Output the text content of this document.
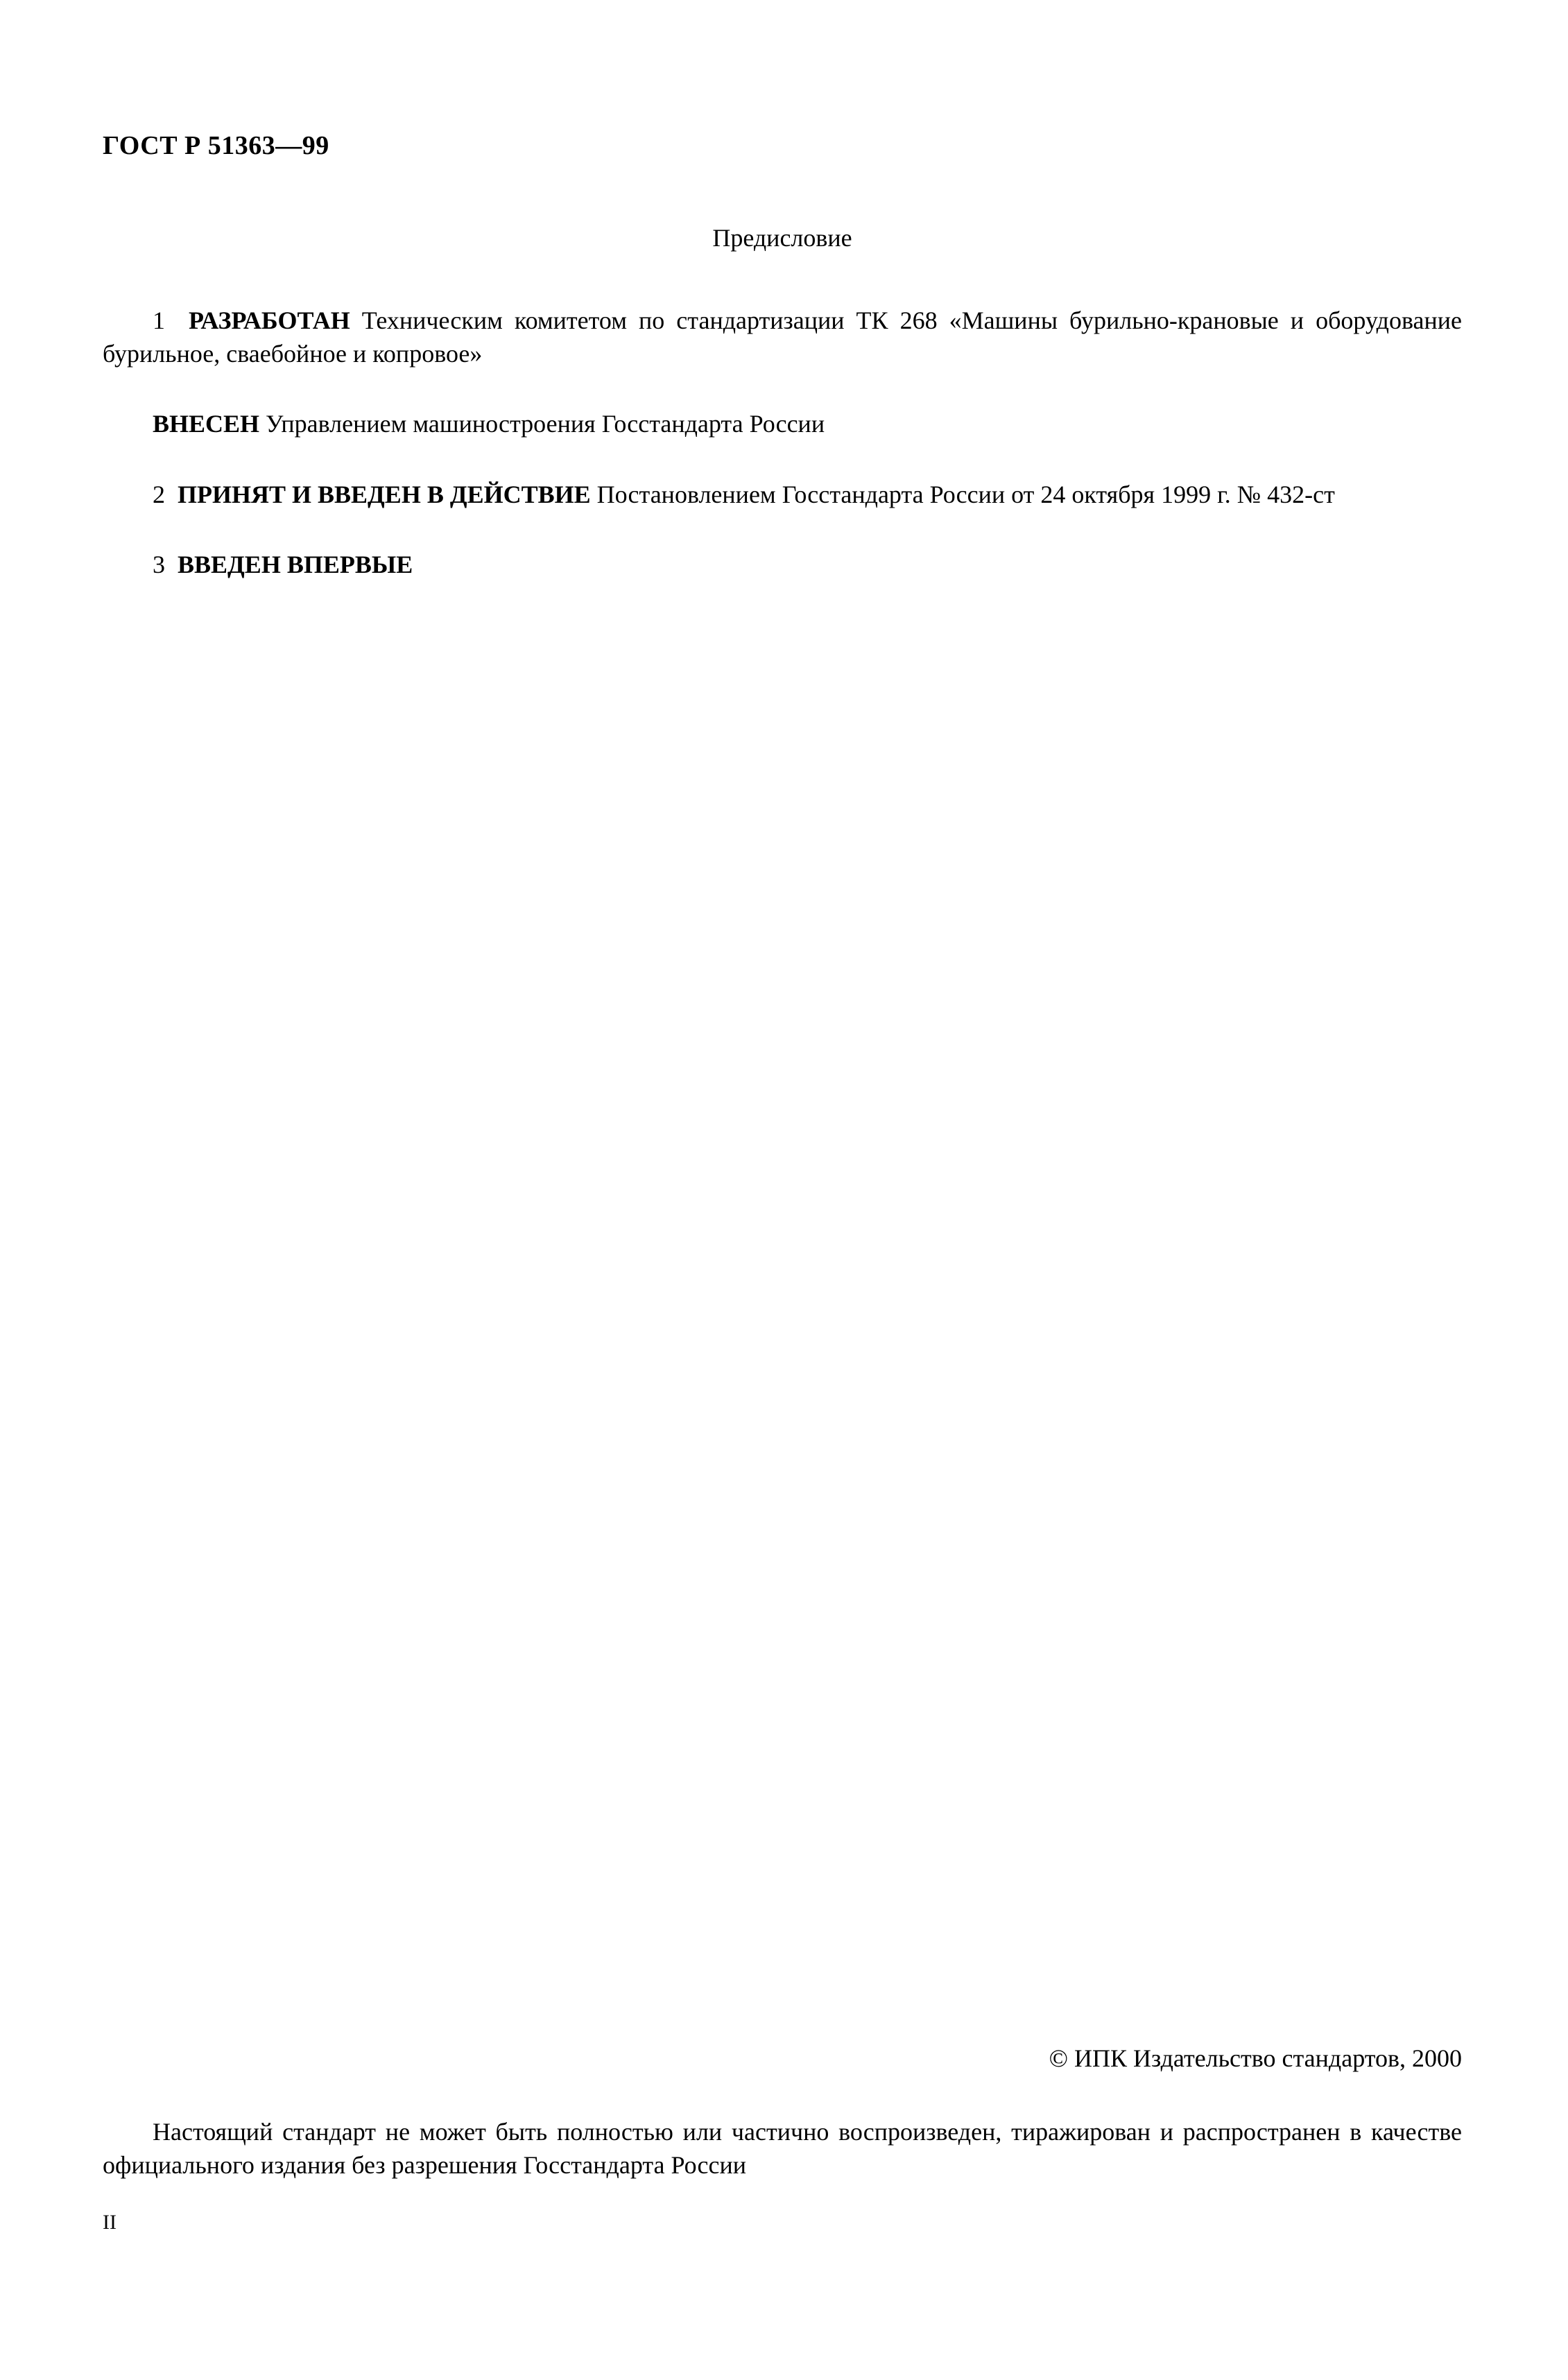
ГОСТ Р 51363—99
Предисловие
1 РАЗРАБОТАН Техническим комитетом по стандартизации ТК 268 «Машины бурильно-крановые и оборудование бурильное, сваебойное и копровое»
ВНЕСЕН Управлением машиностроения Госстандарта России
2 ПРИНЯТ И ВВЕДЕН В ДЕЙСТВИЕ Постановлением Госстандарта России от 24 октября 1999 г. № 432-ст
3 ВВЕДЕН ВПЕРВЫЕ
© ИПК Издательство стандартов, 2000
Настоящий стандарт не может быть полностью или частично воспроизведен, тиражирован и распространен в качестве официального издания без разрешения Госстандарта России
II
